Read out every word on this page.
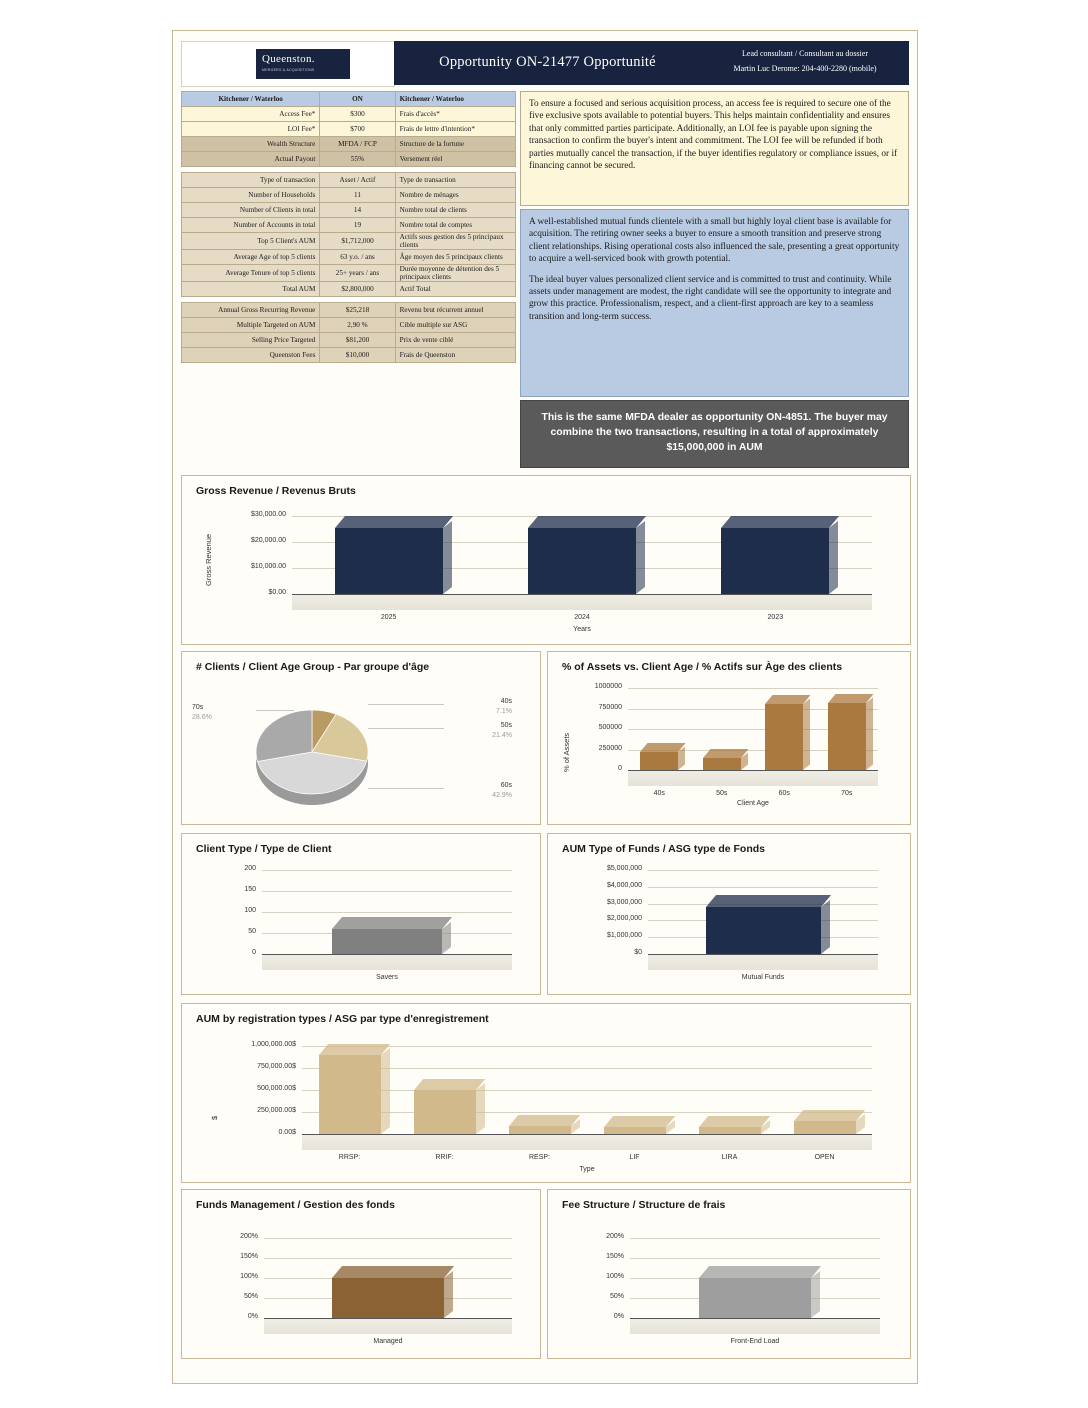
Queenston.
MERGERS & ACQUISITIONS	Opportunity ON-21477 Opportunité
Lead consultant / Consultant au dossier
Martin Luc Derome: 204-400-2280 (mobile)
Kitchener / Waterloo	ON	Kitchener / Waterloo
Access Fee*	$300	Frais d'accès*
LOI Fee*	$700	Frais de lettre d'intention*
Wealth Structure	MFDA / FCP	Structure de la fortune
Actual Payout	55%	Versement réel

Type of transaction	Asset / Actif	Type de transaction
Number of Households	11	Nombre de ménages
Number of Clients in total	14	Nombre total de clients
Number of Accounts in total	19	Nombre total de comptes
Top 5 Client's AUM	$1,712,000	Actifs sous gestion des 5 principaux clients
Average Age of top 5 clients	63 y.o. / ans	Âge moyen des 5 principaux clients
Average Tenure of top 5 clients	25+ years / ans	Durée moyenne de détention des 5 principaux clients
Total AUM	$2,800,000	Actif Total

Annual Gross Recurring Revenue	$25,218	Revenu brut récurrent annuel
Multiple Targeted on AUM	2,90 %	Cible multiple sur ASG
Selling Price Targeted	$81,200	Prix de vente ciblé
Queenston Fees	$10,000	Frais de Queenston
To ensure a focused and serious acquisition process, an access fee is required to secure one of the five exclusive spots available to potential buyers. This helps maintain confidentiality and ensures that only committed parties participate. Additionally, an LOI fee is payable upon signing the transaction to confirm the buyer's intent and commitment. The LOI fee will be refunded if both parties mutually cancel the transaction, if the buyer identifies regulatory or compliance issues, or if financing cannot be secured.

A well-established mutual funds clientele with a small but highly loyal client base is available for acquisition. The retiring owner seeks a buyer to ensure a smooth transition and preserve strong client relationships. Rising operational costs also influenced the sale, presenting a great opportunity to acquire a well-serviced book with growth potential.

The ideal buyer values personalized client service and is committed to trust and continuity. While assets under management are modest, the right candidate will see the opportunity to integrate and grow this practice. Professionalism, respect, and a client-first approach are key to a seamless transition and long-term success.

This is the same MFDA dealer as opportunity ON-4851. The buyer may combine the two transactions, resulting in a total of approximately $15,000,000 in AUM
Gross Revenue / Revenus Bruts
Gross Revenue
$0.00
$10,000.00
$20,000.00
$30,000.00
2025	2024	2023
Years
# Clients / Client Age Group - Par groupe d'âge
40s
7.1%
50s
21.4%
70s
28.6%
60s
42.9%
% of Assets vs. Client Age / % Actifs sur Àge des clients
% of Assets	0
250000
500000
750000
1000000
40s	50s	60s	70s
Client Age
Client Type / Type de Client
0
50
100
150
200
Savers
AUM Type of Funds / ASG type de Fonds
$0
$1,000,000
$2,000,000
$3,000,000
$4,000,000
$5,000,000
Mutual Funds
AUM by registration types / ASG par type d'enregistrement
$
0.00$
250,000.00$
500,000.00$
750,000.00$
1,000,000.00$
RRSP:	RRIF:	RESP:	LIF	LIRA	OPEN
Type
Funds Management / Gestion des fonds
0%
50%
100%
150%
200%
Managed
Fee Structure / Structure de frais
0%
50%
100%
150%
200%
Front-End Load
